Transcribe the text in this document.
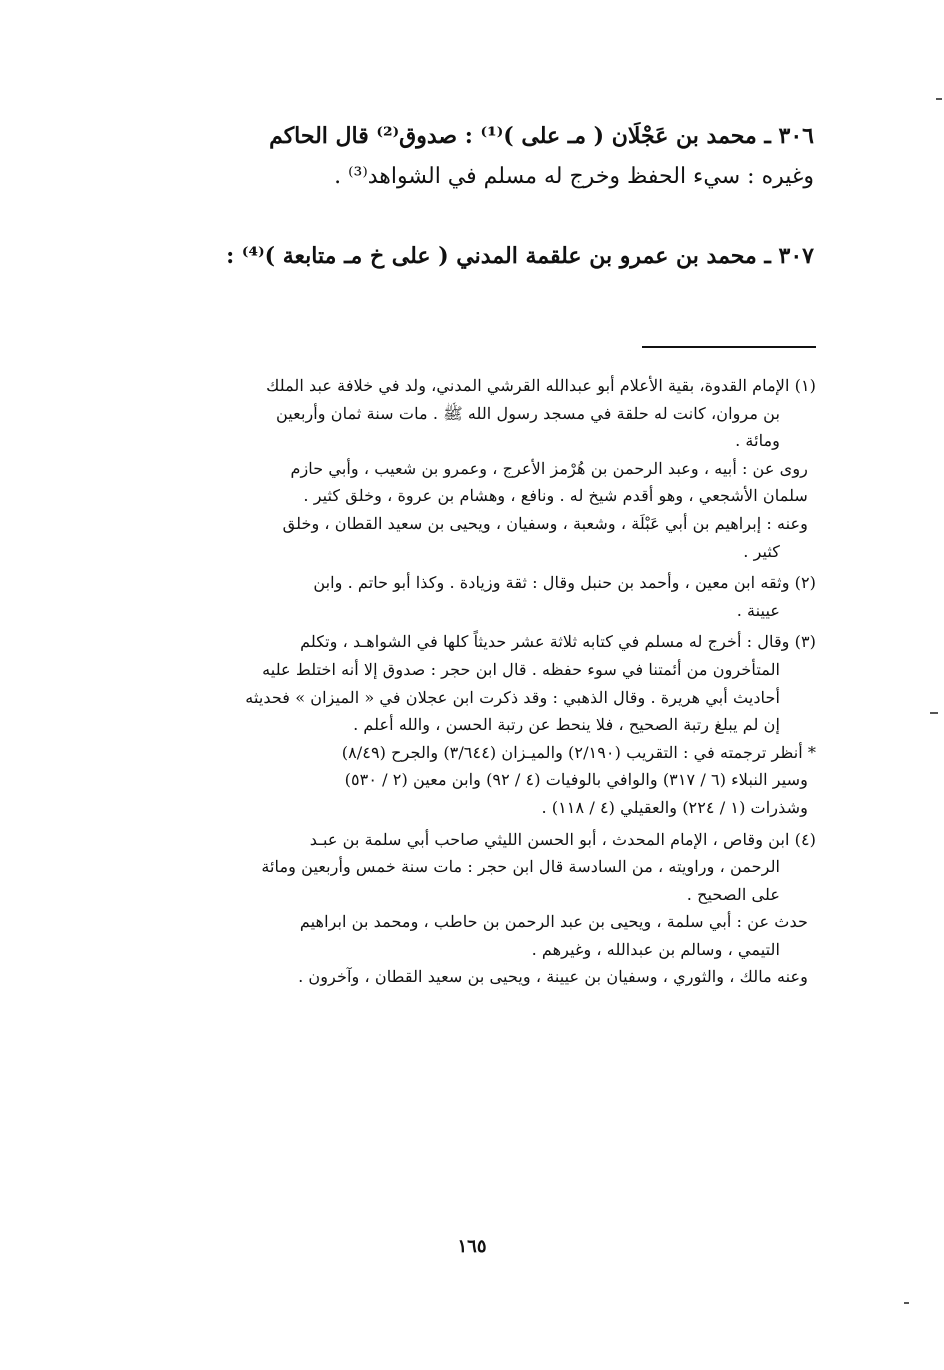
٣٠٦ ـ محمد بن عَجْلَان ( مـ على )⁽¹⁾ : صدوق⁽²⁾ قال الحاكم
وغيره : سيء الحفظ وخرج له مسلم في الشواهد⁽³⁾ .
٣٠٧ ـ محمد بن عمرو بن علقمة المدني ( على خ مـ متابعة )⁽⁴⁾ :
(١) الإمام القدوة، بقية الأعلام أبو عبدالله القرشي المدني، ولد في خلافة عبد الملك
بن مروان، كانت له حلقة في مسجد رسول الله ﷺ . مات سنة ثمان وأربعين
ومائة .
روى عن : أبيه ، وعبد الرحمن بن هُرْمز الأعرج ، وعمرو بن شعيب ، وأبي حازم
سلمان الأشجعي ، وهو أقدم شيخ له . ونافع ، وهشام بن عروة ، وخلق كثير .
وعنه : إبراهيم بن أبي عَبْلَة ، وشعبة ، وسفيان ، ويحيى بن سعيد القطان ، وخلق
كثير .
(٢) وثقه ابن معين ، وأحمد بن حنبل وقال : ثقة وزيادة . وكذا أبو حاتم . وابن
عيينة .
(٣) وقال : أخرج له مسلم في كتابه ثلاثة عشر حديثاً كلها في الشواهـد ، وتكلم
المتأخرون من أئمتنا في سوء حفظه . قال ابن حجر : صدوق إلا أنه اختلط عليه
أحاديث أبي هريرة . وقال الذهبي : وقد ذكرت ابن عجلان في « الميزان » فحديثه
إن لم يبلغ رتبة الصحيح ، فلا ينحط عن رتبة الحسن ، والله أعلم .
* أنظر ترجمته في : التقريب (٢/١٩٠) والميـزان (٣/٦٤٤) والجرح (٨/٤٩)
وسير النبلاء (٦ / ٣١٧) والوافي بالوفيات (٤ / ٩٢) وابن معين (٢ / ٥٣٠)
وشذرات (١ / ٢٢٤) والعقيلي (٤ / ١١٨) .
(٤) ابن وقاص ، الإمام المحدث ، أبو الحسن الليثي صاحب أبي سلمة بن عبـد
الرحمن ، وراويته ، من السادسة قال ابن حجر : مات سنة خمس وأربعين ومائة
على الصحيح .
حدث عن : أبي سلمة ، ويحيى بن عبد الرحمن بن حاطب ، ومحمد بن ابراهيم
التيمي ، وسالم بن عبدالله ، وغيرهم .
وعنه مالك ، والثوري ، وسفيان بن عيينة ، ويحيى بن سعيد القطان ، وآخرون .
١٦٥
